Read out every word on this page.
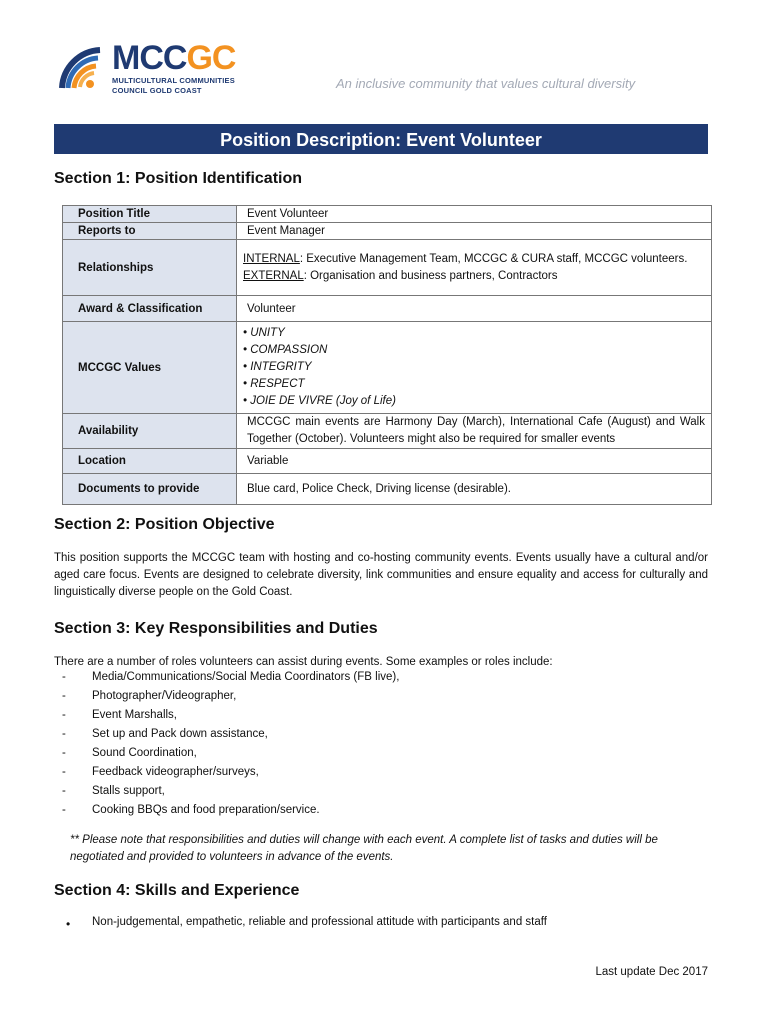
MCCGC
MULTICULTURAL COMMUNITIES
COUNCIL GOLD COAST	An inclusive community that values cultural diversity
Position Description: Event Volunteer
Section 1: Position Identification
Position Title	Event Volunteer
Reports to	Event Manager
Relationships	INTERNAL: Executive Management Team, MCCGC & CURA staff, MCCGC volunteers.
EXTERNAL: Organisation and business partners, Contractors
Award & Classification	Volunteer
MCCGC Values	• UNITY
• COMPASSION
• INTEGRITY
• RESPECT
• JOIE DE VIVRE (Joy of Life)

Availability	MCCGC main events are Harmony Day (March), International Cafe (August) and Walk Together (October). Volunteers might also be required for smaller events
Location	Variable
Documents to provide	Blue card, Police Check, Driving license (desirable).
Section 2: Position Objective
This position supports the MCCGC team with hosting and co-hosting community events. Events usually have a cultural and/or aged care focus. Events are designed to celebrate diversity, link communities and ensure equality and access for culturally and linguistically diverse people on the Gold Coast.
Section 3: Key Responsibilities and Duties
There are a number of roles volunteers can assist during events. Some examples or roles include:
- Media/Communications/Social Media Coordinators (FB live),
- Photographer/Videographer,
- Event Marshalls,
- Set up and Pack down assistance,
- Sound Coordination,
- Feedback videographer/surveys,
- Stalls support,
- Cooking BBQs and food preparation/service.
** Please note that responsibilities and duties will change with each event. A complete list of tasks and duties will be negotiated and provided to volunteers in advance of the events.
Section 4: Skills and Experience
• Non-judgemental, empathetic, reliable and professional attitude with participants and staff
Last update Dec 2017
